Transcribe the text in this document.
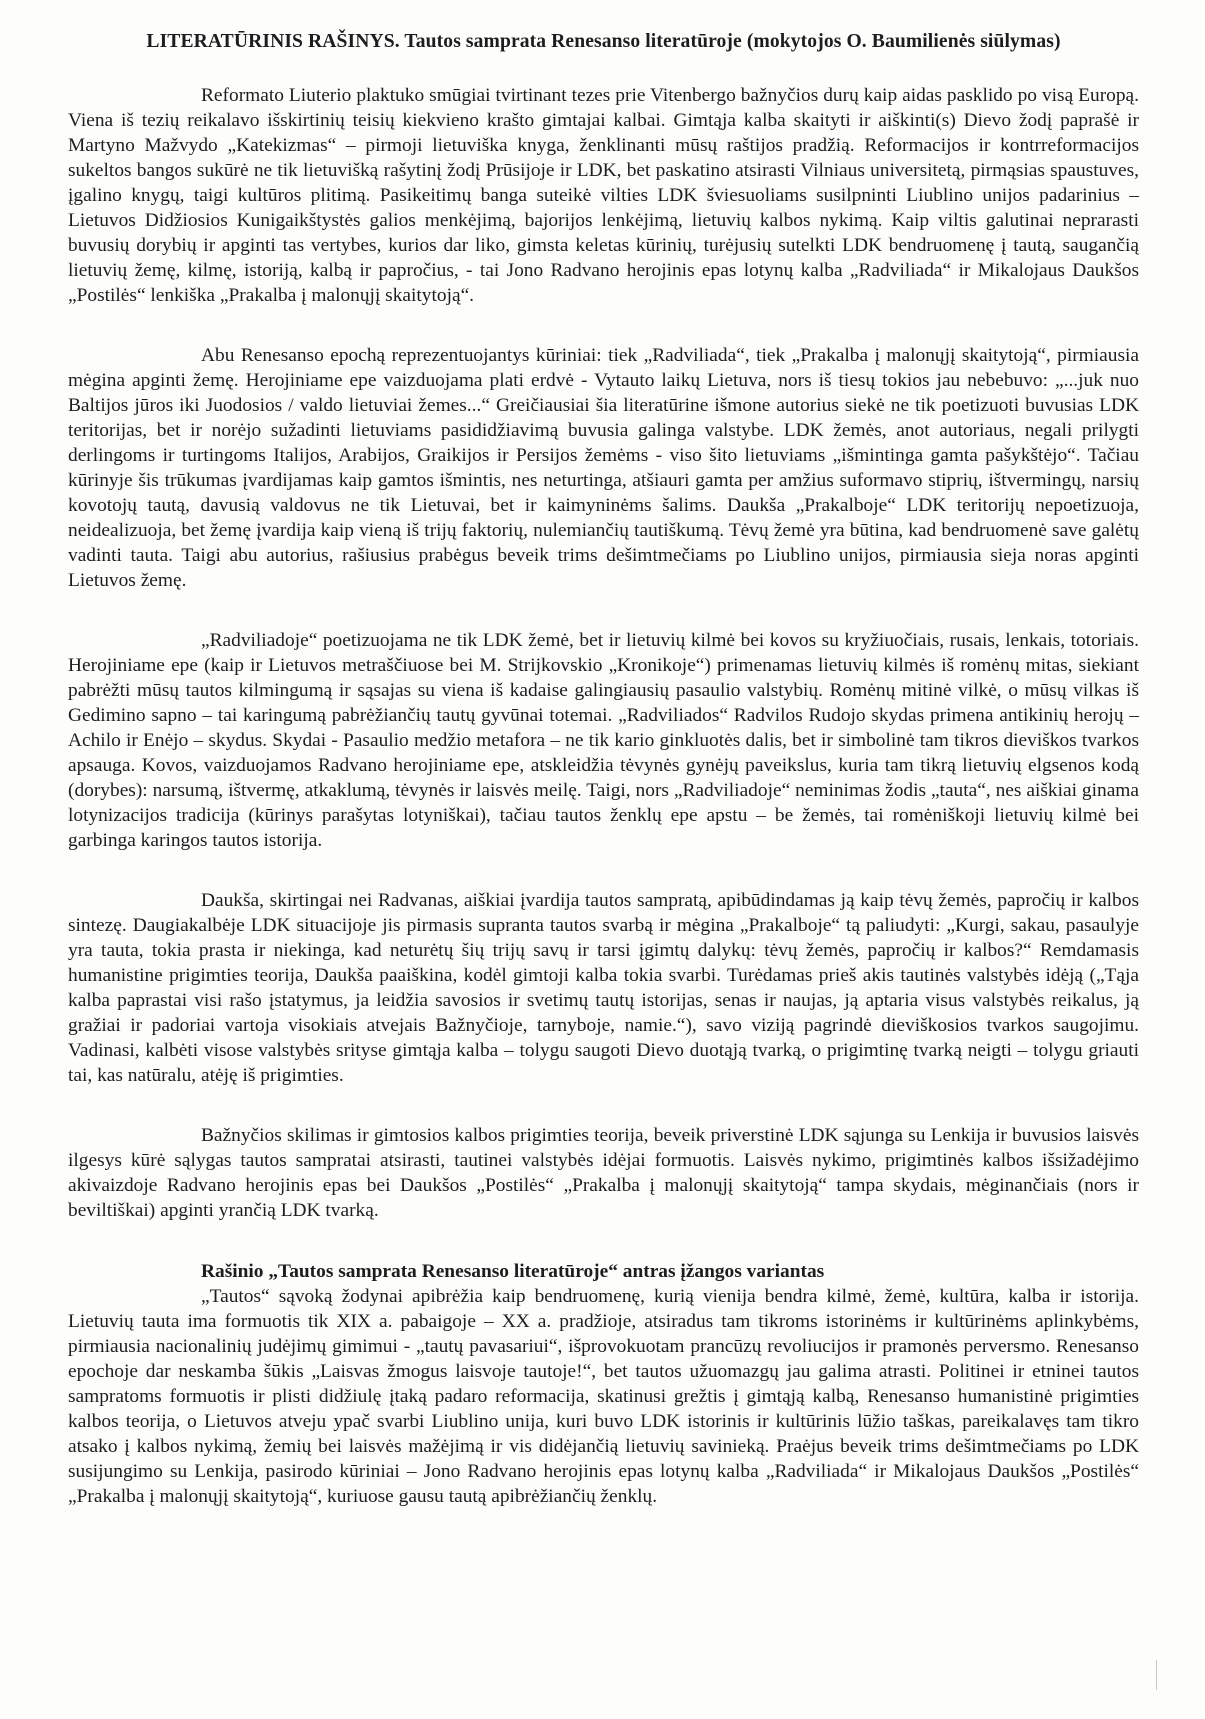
LITERATŪRINIS RAŠINYS. Tautos samprata Renesanso literatūroje (mokytojos O. Baumilienės siūlymas)

Reformato Liuterio plaktuko smūgiai tvirtinant tezes prie Vitenbergo bažnyčios durų kaip aidas pasklido po visą Europą. Viena iš tezių reikalavo išskirtinių teisių kiekvieno krašto gimtajai kalbai. Gimtąja kalba skaityti ir aiškinti(s) Dievo žodį paprašė ir Martyno Mažvydo „Katekizmas“ – pirmoji lietuviška knyga, ženklinanti mūsų raštijos pradžią. Reformacijos ir kontrreformacijos sukeltos bangos sukūrė ne tik lietuvišką rašytinį žodį Prūsijoje ir LDK, bet paskatino atsirasti Vilniaus universitetą, pirmąsias spaustuves, įgalino knygų, taigi kultūros plitimą. Pasikeitimų banga suteikė vilties LDK šviesuoliams susilpninti Liublino unijos padarinius – Lietuvos Didžiosios Kunigaikštystės galios menkėjimą, bajorijos lenkėjimą, lietuvių kalbos nykimą. Kaip viltis galutinai neprarasti buvusių dorybių ir apginti tas vertybes, kurios dar liko, gimsta keletas kūrinių, turėjusių sutelkti LDK bendruomenę į tautą, saugančią lietuvių žemę, kilmę, istoriją, kalbą ir papročius, - tai Jono Radvano herojinis epas lotynų kalba „Radviliada“ ir Mikalojaus Daukšos „Postilės“ lenkiška „Prakalba į malonųjį skaitytoją“.

Abu Renesanso epochą reprezentuojantys kūriniai: tiek „Radviliada“, tiek „Prakalba į malonųjį skaitytoją“, pirmiausia mėgina apginti žemę. Herojiniame epe vaizduojama plati erdvė - Vytauto laikų Lietuva, nors iš tiesų tokios jau nebebuvo: „...juk nuo Baltijos jūros iki Juodosios / valdo lietuviai žemes...“ Greičiausiai šia literatūrine išmone autorius siekė ne tik poetizuoti buvusias LDK teritorijas, bet ir norėjo sužadinti lietuviams pasididžiavimą buvusia galinga valstybe. LDK žemės, anot autoriaus, negali prilygti derlingoms ir turtingoms Italijos, Arabijos, Graikijos ir Persijos žemėms - viso šito lietuviams „išmintinga gamta pašykštėjo“. Tačiau kūrinyje šis trūkumas įvardijamas kaip gamtos išmintis, nes neturtinga, atšiauri gamta per amžius suformavo stiprių, ištvermingų, narsių kovotojų tautą, davusią valdovus ne tik Lietuvai, bet ir kaimyninėms šalims. Daukša „Prakalboje“ LDK teritorijų nepoetizuoja, neidealizuoja, bet žemę įvardija kaip vieną iš trijų faktorių, nulemiančių tautiškumą. Tėvų žemė yra būtina, kad bendruomenė save galėtų vadinti tauta. Taigi abu autorius, rašiusius prabėgus beveik trims dešimtmečiams po Liublino unijos, pirmiausia sieja noras apginti Lietuvos žemę.

„Radviliadoje“ poetizuojama ne tik LDK žemė, bet ir lietuvių kilmė bei kovos su kryžiuočiais, rusais, lenkais, totoriais. Herojiniame epe (kaip ir Lietuvos metraščiuose bei M. Strijkovskio „Kronikoje“) primenamas lietuvių kilmės iš romėnų mitas, siekiant pabrėžti mūsų tautos kilmingumą ir sąsajas su viena iš kadaise galingiausių pasaulio valstybių. Romėnų mitinė vilkė, o mūsų vilkas iš Gedimino sapno – tai karingumą pabrėžiančių tautų gyvūnai totemai. „Radviliados“ Radvilos Rudojo skydas primena antikinių herojų – Achilo ir Enėjo – skydus. Skydai - Pasaulio medžio metafora – ne tik kario ginkluotės dalis, bet ir simbolinė tam tikros dieviškos tvarkos apsauga. Kovos, vaizduojamos Radvano herojiniame epe, atskleidžia tėvynės gynėjų paveikslus, kuria tam tikrą lietuvių elgsenos kodą (dorybes): narsumą, ištvermę, atkaklumą, tėvynės ir laisvės meilę. Taigi, nors „Radviliadoje“ neminimas žodis „tauta“, nes aiškiai ginama lotynizacijos tradicija (kūrinys parašytas lotyniškai), tačiau tautos ženklų epe apstu – be žemės, tai romėniškoji lietuvių kilmė bei garbinga karingos tautos istorija.

Daukša, skirtingai nei Radvanas, aiškiai įvardija tautos sampratą, apibūdindamas ją kaip tėvų žemės, papročių ir kalbos sintezę. Daugiakalbėje LDK situacijoje jis pirmasis supranta tautos svarbą ir mėgina „Prakalboje“ tą paliudyti: „Kurgi, sakau, pasaulyje yra tauta, tokia prasta ir niekinga, kad neturėtų šių trijų savų ir tarsi įgimtų dalykų: tėvų žemės, papročių ir kalbos?“ Remdamasis humanistine prigimties teorija, Daukša paaiškina, kodėl gimtoji kalba tokia svarbi. Turėdamas prieš akis tautinės valstybės idėją („Tąja kalba paprastai visi rašo įstatymus, ja leidžia savosios ir svetimų tautų istorijas, senas ir naujas, ją aptaria visus valstybės reikalus, ją gražiai ir padoriai vartoja visokiais atvejais Bažnyčioje, tarnyboje, namie.“), savo viziją pagrindė dieviškosios tvarkos saugojimu. Vadinasi, kalbėti visose valstybės srityse gimtąja kalba – tolygu saugoti Dievo duotąją tvarką, o prigimtinę tvarką neigti – tolygu griauti tai, kas natūralu, atėję iš prigimties.

Bažnyčios skilimas ir gimtosios kalbos prigimties teorija, beveik priverstinė LDK sąjunga su Lenkija ir buvusios laisvės ilgesys kūrė sąlygas tautos sampratai atsirasti, tautinei valstybės idėjai formuotis. Laisvės nykimo, prigimtinės kalbos išsižadėjimo akivaizdoje Radvano herojinis epas bei Daukšos „Postilės“ „Prakalba į malonųjį skaitytoją“ tampa skydais, mėginančiais (nors ir beviltiškai) apginti yrančią LDK tvarką.

Rašinio „Tautos samprata Renesanso literatūroje“ antras įžangos variantas

„Tautos“ sąvoką žodynai apibrėžia kaip bendruomenę, kurią vienija bendra kilmė, žemė, kultūra, kalba ir istorija. Lietuvių tauta ima formuotis tik XIX a. pabaigoje – XX a. pradžioje, atsiradus tam tikroms istorinėms ir kultūrinėms aplinkybėms, pirmiausia nacionalinių judėjimų gimimui - „tautų pavasariui“, išprovokuotam prancūzų revoliucijos ir pramonės perversmo. Renesanso epochoje dar neskamba šūkis „Laisvas žmogus laisvoje tautoje!“, bet tautos užuomazgų jau galima atrasti. Politinei ir etninei tautos sampratoms formuotis ir plisti didžiulę įtaką padaro reformacija, skatinusi grežtis į gimtąją kalbą, Renesanso humanistinė prigimties kalbos teorija, o Lietuvos atveju ypač svarbi Liublino unija, kuri buvo LDK istorinis ir kultūrinis lūžio taškas, pareikalavęs tam tikro atsako į kalbos nykimą, žemių bei laisvės mažėjimą ir vis didėjančią lietuvių savinieką. Praėjus beveik trims dešimtmečiams po LDK susijungimo su Lenkija, pasirodo kūriniai – Jono Radvano herojinis epas lotynų kalba „Radviliada“ ir Mikalojaus Daukšos „Postilės“ „Prakalba į malonųjį skaitytoją“, kuriuose gausu tautą apibrėžiančių ženklų.
